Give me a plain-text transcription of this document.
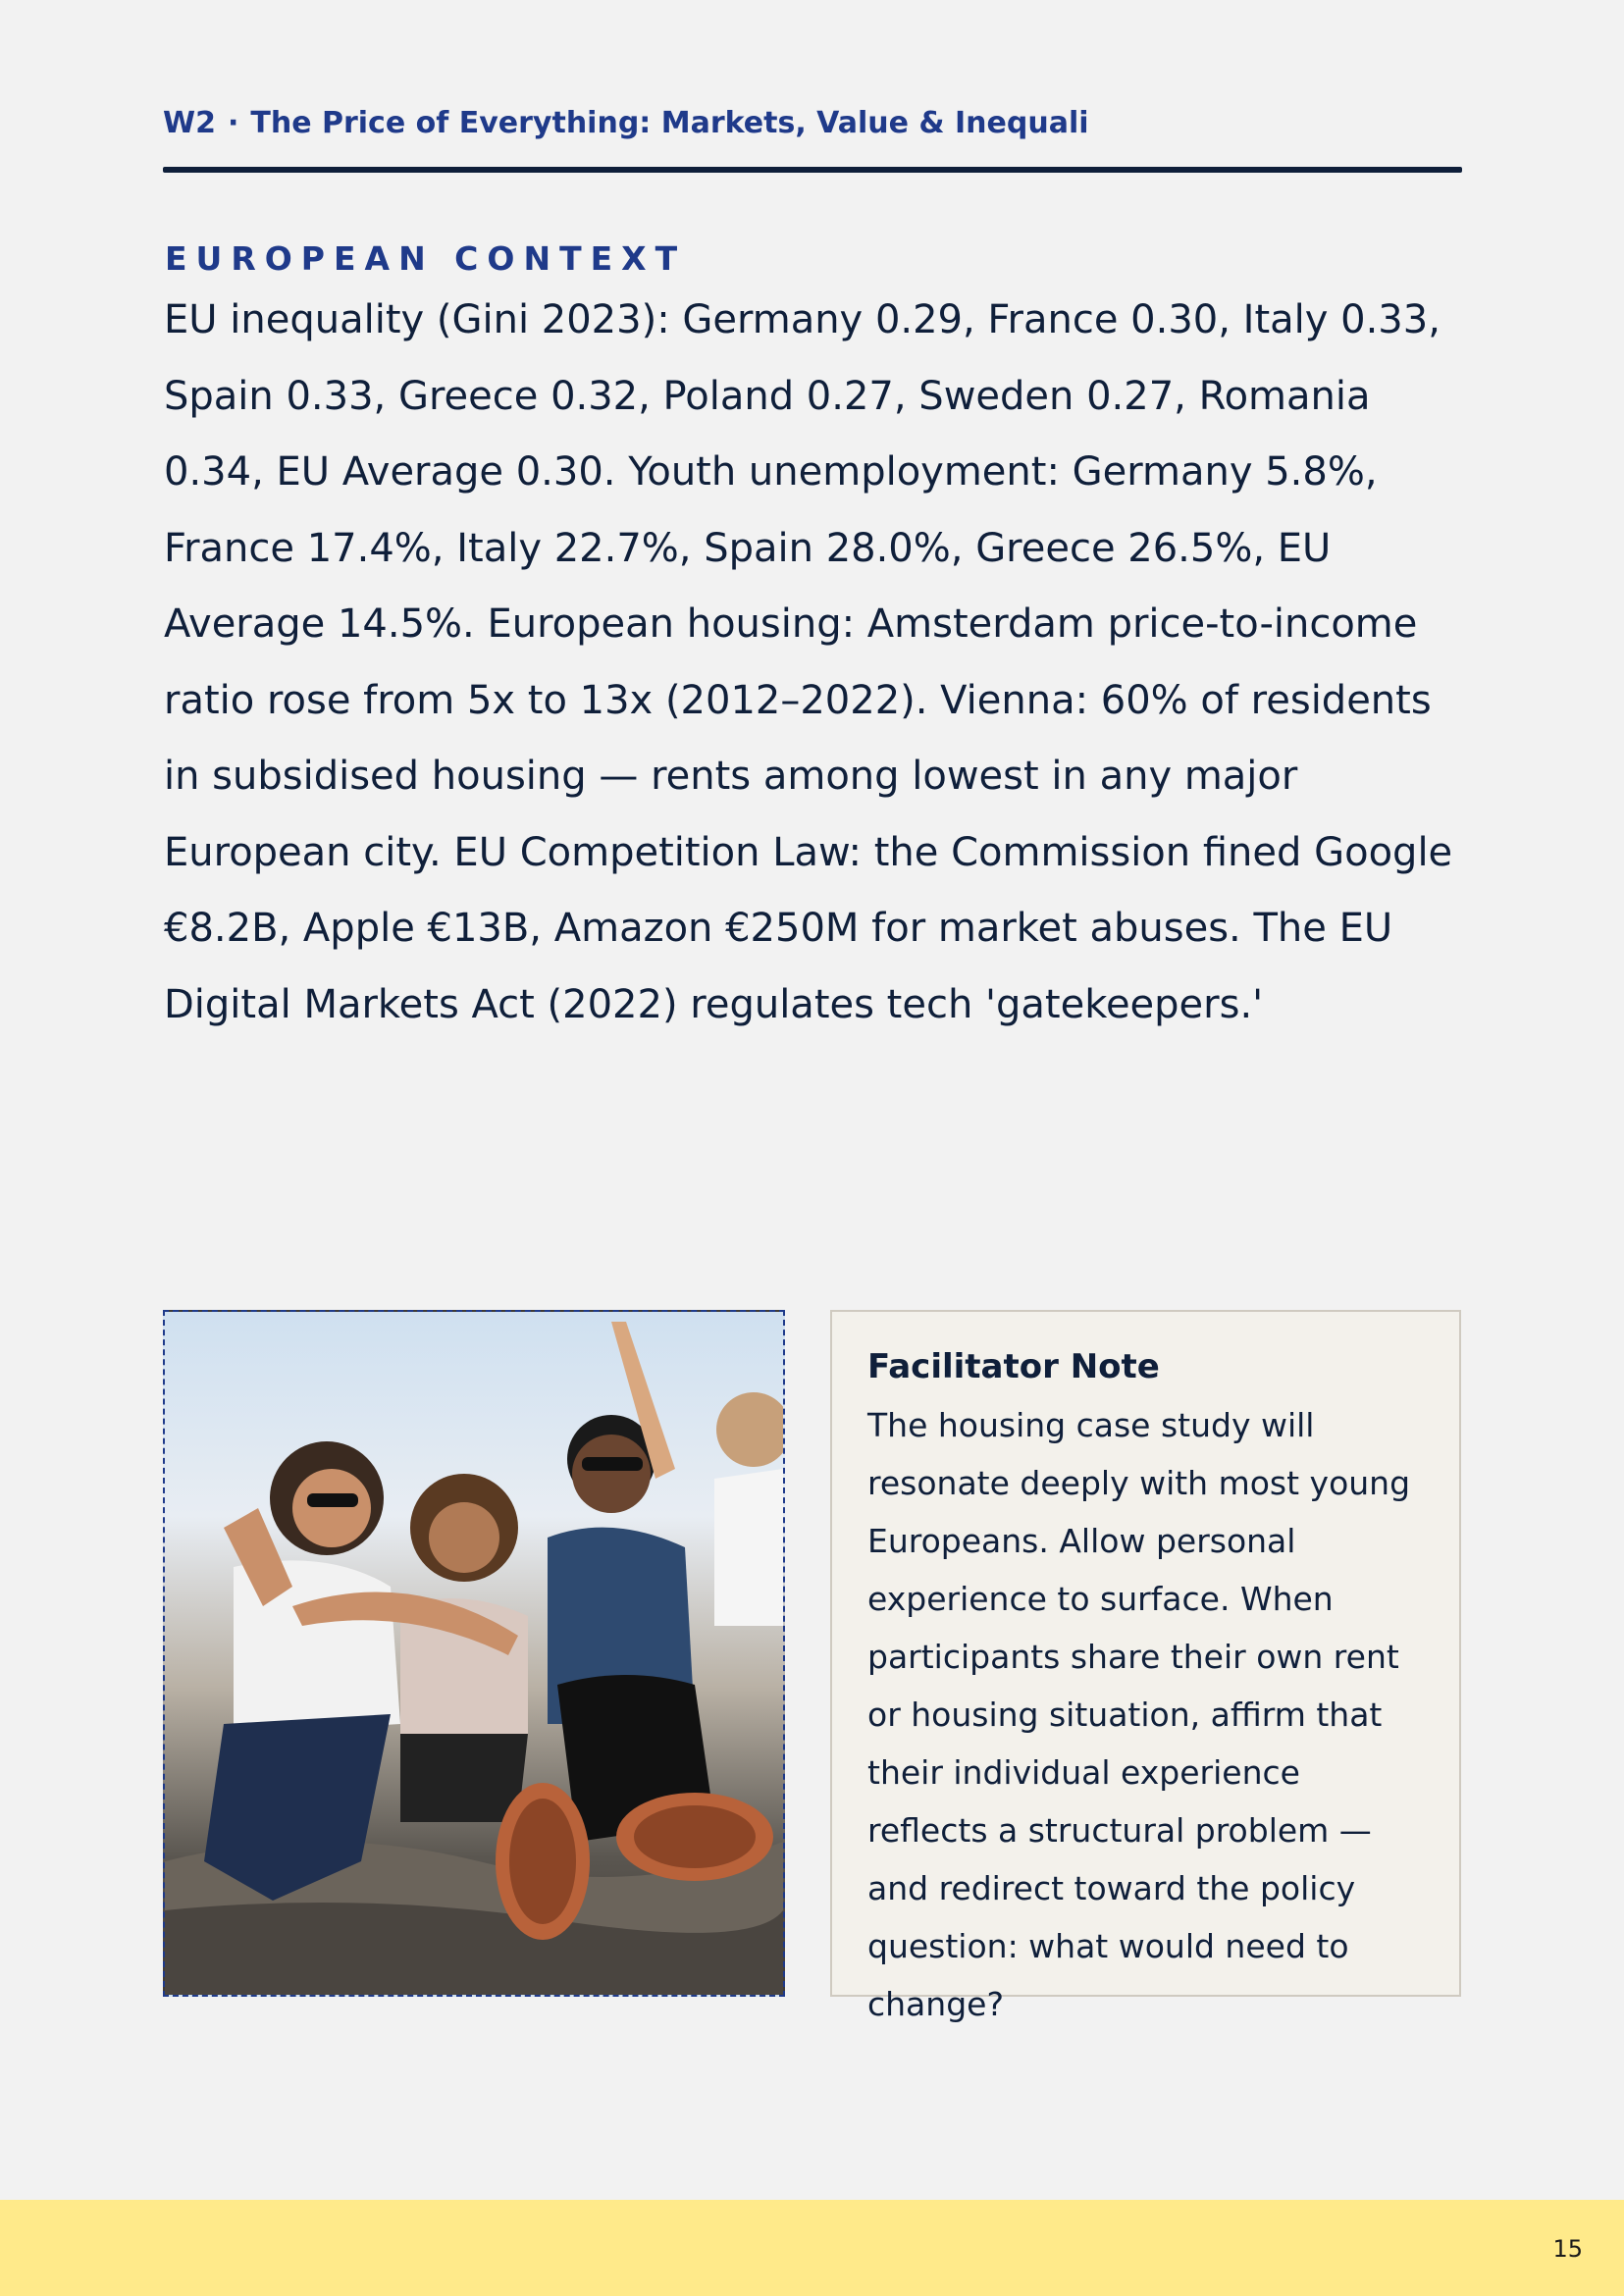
W2 · The Price of Everything: Markets, Value & Inequali
EUROPEAN CONTEXT
EU inequality (Gini 2023): Germany 0.29, France 0.30, Italy 0.33, Spain 0.33, Greece 0.32, Poland 0.27, Sweden 0.27, Romania 0.34, EU Average 0.30. Youth unemployment: Germany 5.8%, France 17.4%, Italy 22.7%, Spain 28.0%, Greece 26.5%, EU Average 14.5%. European housing: Amsterdam price-to-income ratio rose from 5x to 13x (2012–2022). Vienna: 60% of residents in subsidised housing — rents among lowest in any major European city. EU Competition Law: the Commission fined Google €8.2B, Apple €13B, Amazon €250M for market abuses. The EU Digital Markets Act (2022) regulates tech 'gatekeepers.'
Facilitator Note
The housing case study will resonate deeply with most young Europeans. Allow personal experience to surface. When participants share their own rent or housing situation, affirm that their individual experience reflects a structural problem — and redirect toward the policy question: what would need to change?
15
